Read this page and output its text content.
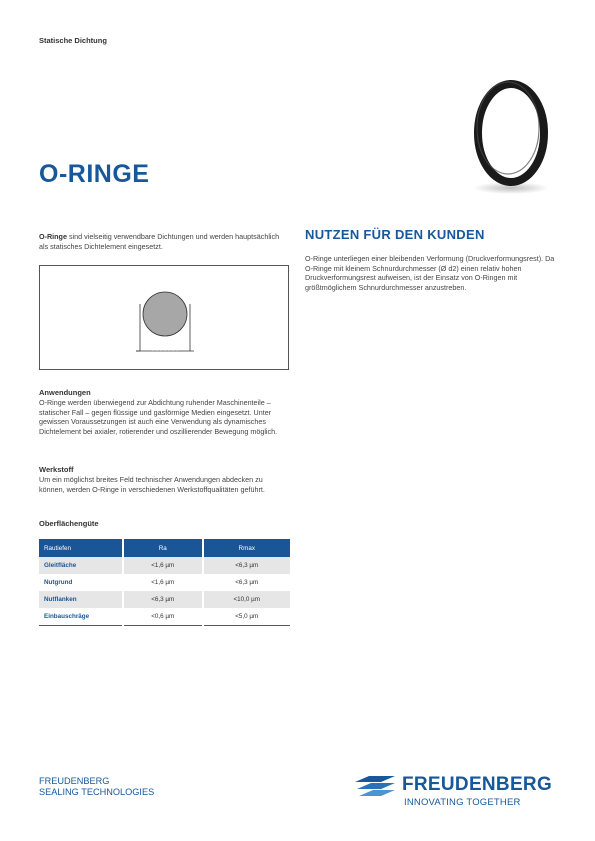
Statische Dichtung
O-RINGE
O-Ringe sind vielseitig verwendbare Dichtungen und werden hauptsächlich als statisches Dichtelement eingesetzt.
Anwendungen
O-Ringe werden überwiegend zur Abdichtung ruhender Maschinenteile – statischer Fall – gegen flüssige und gasförmige Medien eingesetzt. Unter gewissen Voraussetzungen ist auch eine Verwendung als dynamisches Dichtelement bei axialer, rotierender und oszillierender Bewegung möglich.
Werkstoff
Um ein möglichst breites Feld technischer Anwendungen abdecken zu können, werden O-Ringe in verschiedenen Werkstoffqualitäten geführt.
Oberflächengüte
Rautiefen	Ra	Rmax
Gleitfläche	<1,6 µm	<6,3 µm
Nutgrund	<1,6 µm	<6,3 µm
Nutflanken	<6,3 µm	<10,0 µm
Einbauschräge	<0,6 µm	<5,0 µm
NUTZEN FÜR DEN KUNDEN
O-Ringe unterliegen einer bleibenden Verformung (Druckverformungsrest). Da O-Ringe mit kleinem Schnurdurchmesser (Ø d2) einen relativ hohen Druckverformungsrest aufweisen, ist der Einsatz von O-Ringen mit größtmöglichem Schnurdurchmesser anzustreben.
FREUDENBERG
SEALING TECHNOLOGIES	FREUDENBERG
INNOVATING TOGETHER
